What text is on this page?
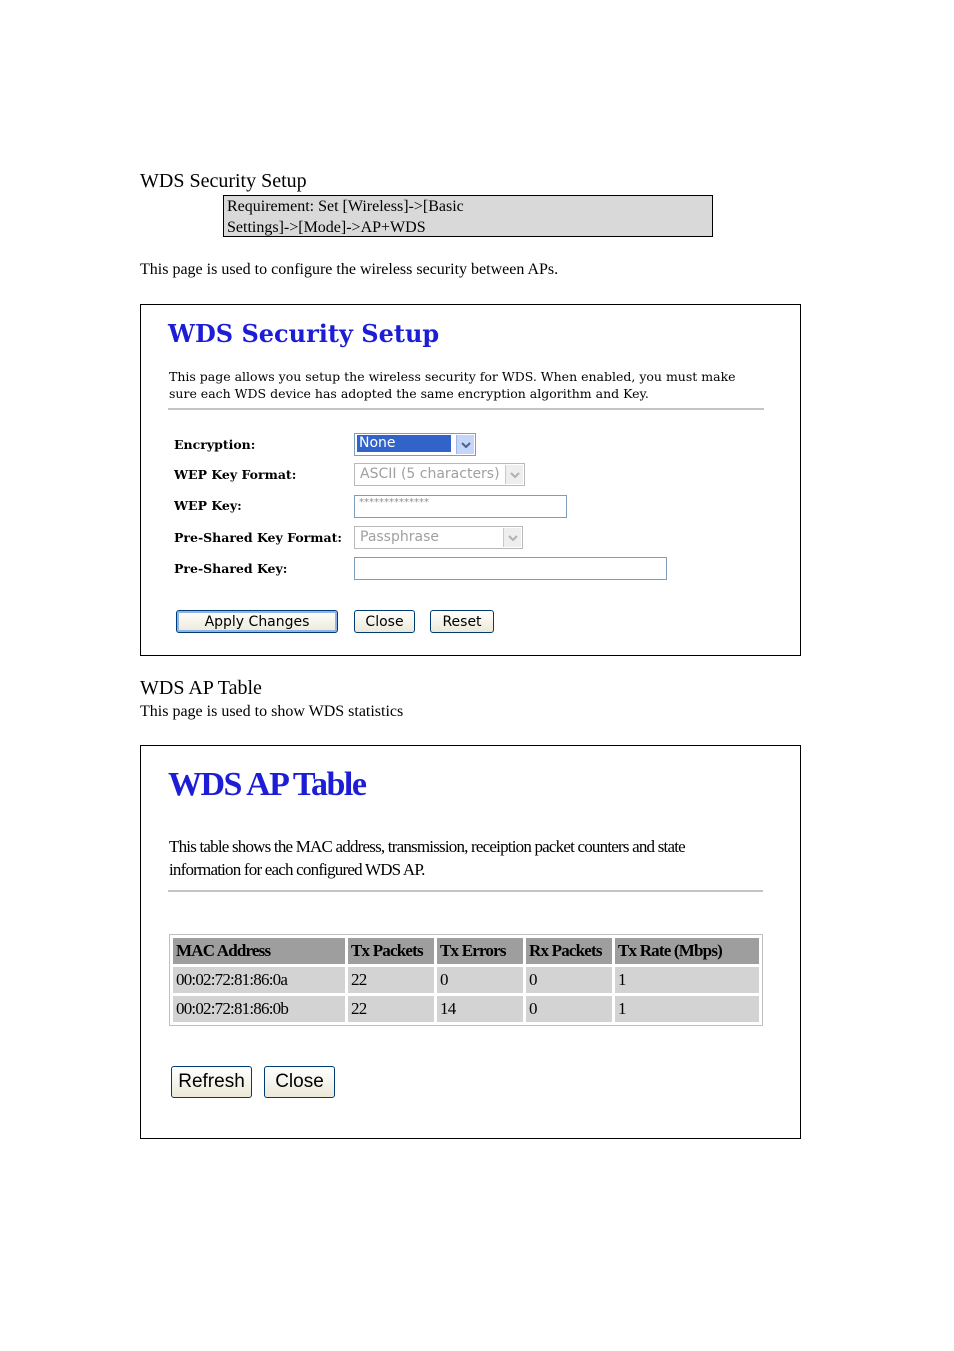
WDS Security Setup
Requirement: Set [Wireless]->[Basic
Settings]->[Mode]->AP+WDS
This page is used to configure the wireless security between APs.
WDS Security Setup
This page allows you setup the wireless security for WDS. When enabled, you must make
sure each WDS device has adopted the same encryption algorithm and Key.
Encryption:	None
WEP Key Format:	ASCII (5 characters)
WEP Key:	**************
Pre-Shared Key Format: Passphrase
Pre-Shared Key:
Apply Changes	Close	Reset
WDS AP Table
This page is used to show WDS statistics
WDS AP Table
This table shows the MAC address, transmission, receiption packet counters and state
information for each configured WDS AP.
MAC Address	Tx Packets	Tx Errors	Rx Packets	Tx Rate (Mbps)
00:02:72:81:86:0a	22	0	0	1
00:02:72:81:86:0b	22	14	0	1
Refresh	Close
